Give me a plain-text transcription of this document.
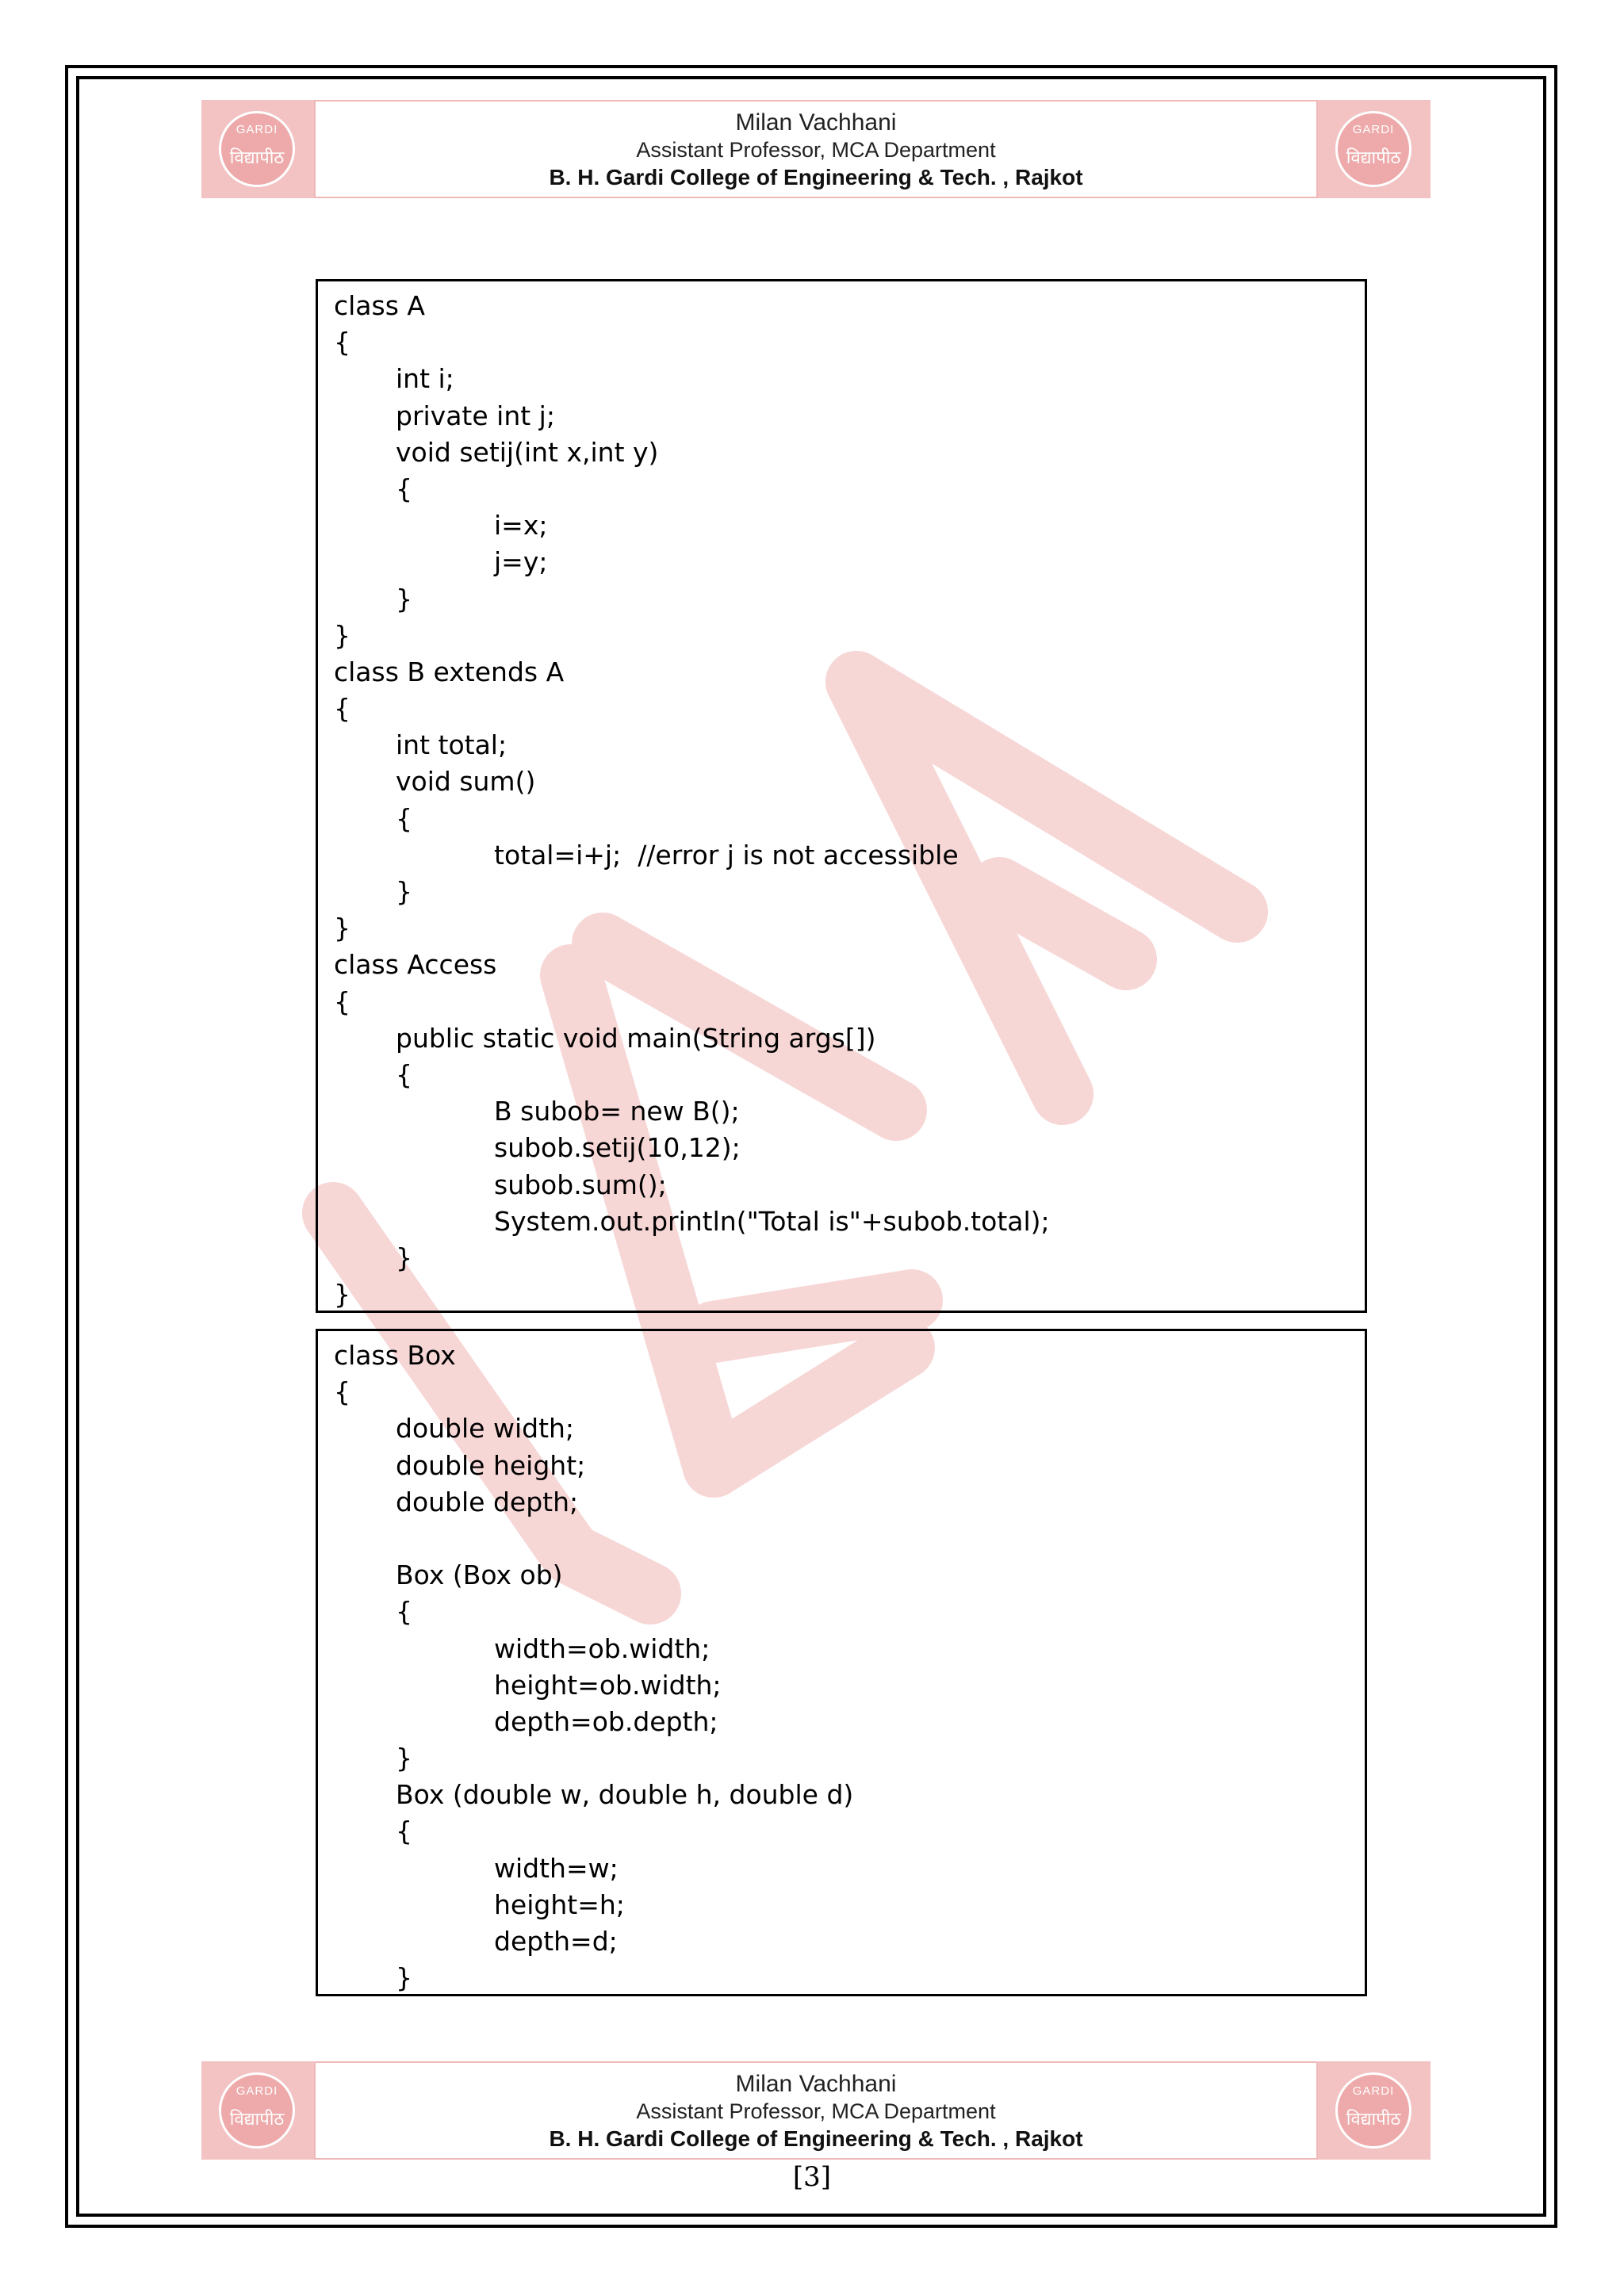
GARDI
विद्यापीठ
Milan Vachhani
Assistant Professor, MCA Department
B. H. Gardi College of Engineering & Tech. , Rajkot
GARDI
विद्यापीठ
class A
{
int i;
private int j;
void setij(int x,int y)
{
i=x;
j=y;
}
}
class B extends A
{
int total;
void sum()
{
total=i+j;  //error j is not accessible
}
}
class Access
{
public static void main(String args[])
{
B subob= new B();
subob.setij(10,12);
subob.sum();
System.out.println("Total is"+subob.total);
}
}
class Box
{
double width;
double height;
double depth;
Box (Box ob)
{
width=ob.width;
height=ob.width;
depth=ob.depth;
}
Box (double w, double h, double d)
{
width=w;
height=h;
depth=d;
}
GARDI
विद्यापीठ
Milan Vachhani
Assistant Professor, MCA Department
B. H. Gardi College of Engineering & Tech. , Rajkot
GARDI
विद्यापीठ
[3]
